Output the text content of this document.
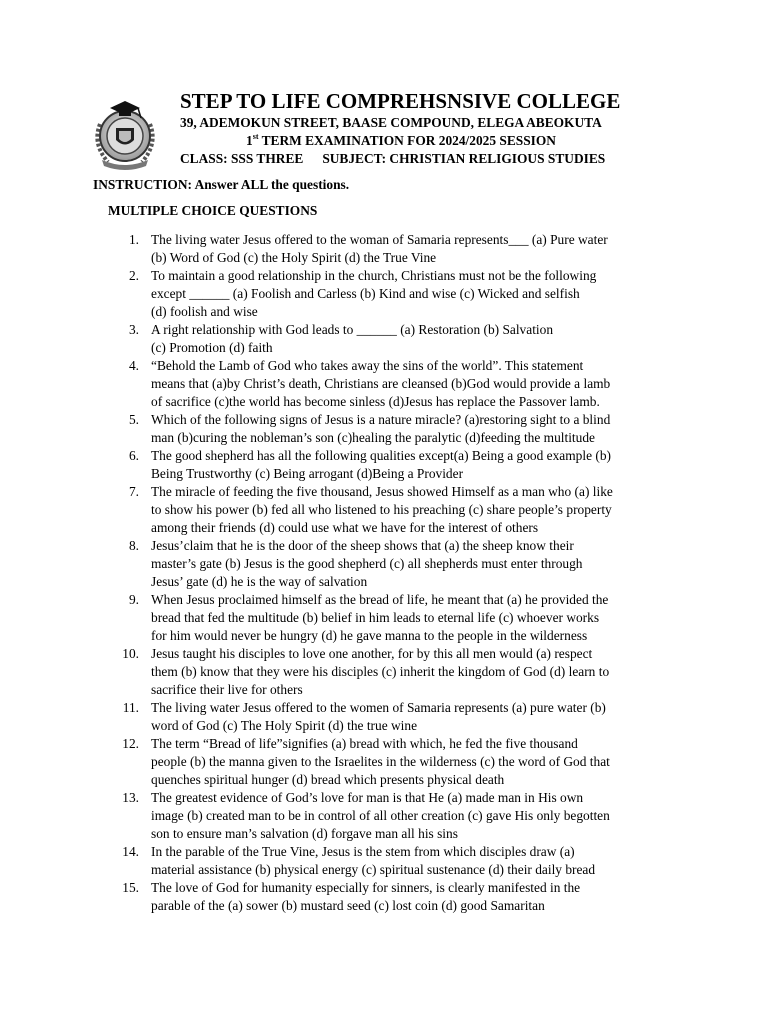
STEP TO LIFE COMPREHSNSIVE COLLEGE

39, ADEMOKUN STREET, BAASE COMPOUND, ELEGA ABEOKUTA

1st TERM EXAMINATION FOR 2024/2025 SESSION

CLASS: SSS THREE SUBJECT: CHRISTIAN RELIGIOUS STUDIES

INSTRUCTION: Answer ALL the questions.

MULTIPLE CHOICE QUESTIONS

1. The living water Jesus offered to the woman of Samaria represents___ (a) Pure water
(b) Word of God (c) the Holy Spirit (d) the True Vine
2. To maintain a good relationship in the church, Christians must not be the following
except ______ (a) Foolish and Carless (b) Kind and wise (c) Wicked and selfish
(d) foolish and wise
3. A right relationship with God leads to ______ (a) Restoration (b) Salvation
(c) Promotion (d) faith
4. “Behold the Lamb of God who takes away the sins of the world”. This statement
means that (a)by Christ’s death, Christians are cleansed (b)God would provide a lamb
of sacrifice (c)the world has become sinless (d)Jesus has replace the Passover lamb.
5. Which of the following signs of Jesus is a nature miracle? (a)restoring sight to a blind
man (b)curing the nobleman’s son (c)healing the paralytic (d)feeding the multitude
6. The good shepherd has all the following qualities except(a) Being a good example (b)
Being Trustworthy (c) Being arrogant (d)Being a Provider
7. The miracle of feeding the five thousand, Jesus showed Himself as a man who (a) like
to show his power (b) fed all who listened to his preaching (c) share people’s property
among their friends (d) could use what we have for the interest of others
8. Jesus’claim that he is the door of the sheep shows that (a) the sheep know their
master’s gate (b) Jesus is the good shepherd (c) all shepherds must enter through
Jesus’ gate (d) he is the way of salvation
9. When Jesus proclaimed himself as the bread of life, he meant that (a) he provided the
bread that fed the multitude (b) belief in him leads to eternal life (c) whoever works
for him would never be hungry (d) he gave manna to the people in the wilderness
10. Jesus taught his disciples to love one another, for by this all men would (a) respect
them (b) know that they were his disciples (c) inherit the kingdom of God (d) learn to
sacrifice their live for others
11. The living water Jesus offered to the women of Samaria represents (a) pure water (b)
word of God (c) The Holy Spirit (d) the true wine
12. The term “Bread of life”signifies (a) bread with which, he fed the five thousand
people (b) the manna given to the Israelites in the wilderness (c) the word of God that
quenches spiritual hunger (d) bread which presents physical death
13. The greatest evidence of God’s love for man is that He (a) made man in His own
image (b) created man to be in control of all other creation (c) gave His only begotten
son to ensure man’s salvation (d) forgave man all his sins
14. In the parable of the True Vine, Jesus is the stem from which disciples draw (a)
material assistance (b) physical energy (c) spiritual sustenance (d) their daily bread
15. The love of God for humanity especially for sinners, is clearly manifested in the
parable of the (a) sower (b) mustard seed (c) lost coin (d) good Samaritan
